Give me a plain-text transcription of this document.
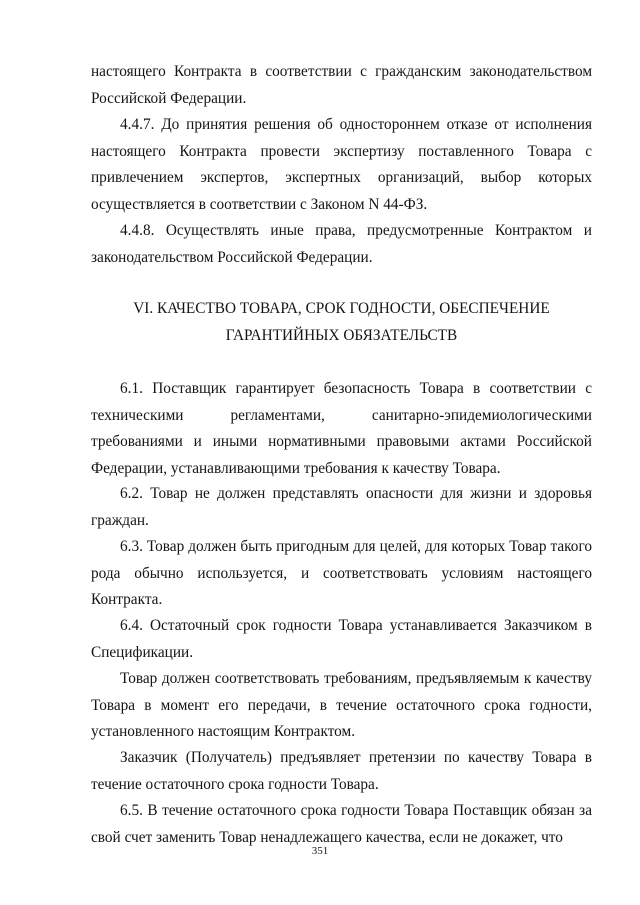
настоящего Контракта в соответствии с гражданским законодательством Российской Федерации.

4.4.7. До принятия решения об одностороннем отказе от исполнения настоящего Контракта провести экспертизу поставленного Товара с привлечением экспертов, экспертных организаций, выбор которых осуществляется в соответствии с Законом N 44-ФЗ.

4.4.8. Осуществлять иные права, предусмотренные Контрактом и законодательством Российской Федерации.

VI. КАЧЕСТВО ТОВАРА, СРОК ГОДНОСТИ, ОБЕСПЕЧЕНИЕ
ГАРАНТИЙНЫХ ОБЯЗАТЕЛЬСТВ

6.1. Поставщик гарантирует безопасность Товара в соответствии с техническими регламентами, санитарно-эпидемиологическими требованиями и иными нормативными правовыми актами Российской Федерации, устанавливающими требования к качеству Товара.

6.2. Товар не должен представлять опасности для жизни и здоровья граждан.

6.3. Товар должен быть пригодным для целей, для которых Товар такого рода обычно используется, и соответствовать условиям настоящего Контракта.

6.4. Остаточный срок годности Товара устанавливается Заказчиком в Спецификации.

Товар должен соответствовать требованиям, предъявляемым к качеству Товара в момент его передачи, в течение остаточного срока годности, установленного настоящим Контрактом.

Заказчик (Получатель) предъявляет претензии по качеству Товара в течение остаточного срока годности Товара.

6.5. В течение остаточного срока годности Товара Поставщик обязан за свой счет заменить Товар ненадлежащего качества, если не докажет, что

351
